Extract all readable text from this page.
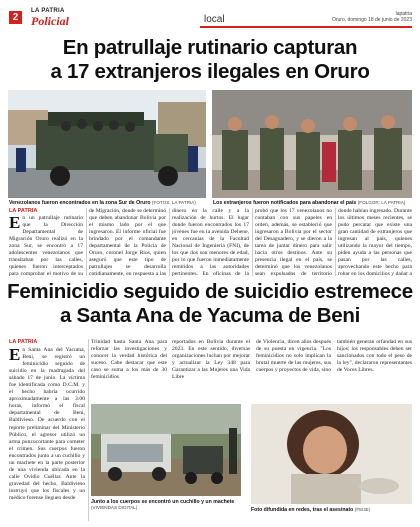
2
LA PATRIA
Policial	local	lapatria
Oruro, domingo 18 de junio de 2023
En patrullaje rutinario capturan
a 17 extranjeros ilegales en Oruro
Venezolanos fueron encontrados en la zona Sur de Oruro (FOTOS: LA PATRIA)	Los extranjeros fueron notificados para abandonar el país (FOLGOR: LA PATRIA)
LA PATRIA
En un patrullaje rutinario que la Dirección Departamental de Migración Oruro realizó en la zona Sur, se encontró a 17 adolescentes venezolanos que transitaban por las calles, quienes fueron interceptados para comprobar el motivo de su
de Migración, donde se determinó que deben abandonar Bolivia por el mismo lado por el que ingresaron. El informe oficial fue brindado por el comandante departamental de la Policía de Oruro, coronel Jorge Ríos, quien aseguró que este tipo de patrullajes se desarrolla cotidianamente, en respuesta a las
dinero en la calle y a la realización de hurtos. El lugar donde fueron encontrados los 17 jóvenes fue en la avenida Dehene, en cercanías de la Facultad Nacional de Ingeniería (FNI), de los que dos son menores de edad, por lo que fueron inmediatamente remitidos a las autoridades pertinentes. En oficinas de la
probó que los 17 venezolanos no contaban con sus papeles en orden, además, se estableció que ingresaron a Bolivia por el sector del Desaguadero, y se dieron a la tarea de juntar dinero para salir hacia otros destinos. Ante su presencia ilegal en el país, se determinó que los venezolanos sean expulsados de territorio
donde habían ingresado. Durante los últimos meses recientes, se pudo percatar que existe una gran cantidad de extranjeros que ingresan al país, quienes utilizando la mayor del tiempo, piden ayuda a las personas que pasan por las calles, aprovechando este hecho para robar en los domicilios y dañar a
Feminicidio seguido de suicidio estremece
a Santa Ana de Yacuma de Beni
LA PATRIA
En Santa Ana del Yacuma, Beni, se registró un feminicidio seguido de suicidio en la madrugada del sábado 17 de junio. La víctima fue identificada como D.C.M. y el hecho habría ocurrido aproximadamente a las 3:00 horas, informó el fiscal departamental de Beni, Baldivieso. De acuerdo con el reporte preliminar del Ministerio Público, el agresor utilizó un arma punzocortante para cometer el crimen. Sus cuerpos fueron encontrados junto a un cuchillo y un machete en la parte posterior de una vivienda ubicada en la calle Ovidio Cuéllar. Ante la gravedad del hecho, Baldivieso instruyó que los fiscales y un médico forense lleguen desde
Trinidad hasta Santa Ana para reforzar las investigaciones y conocer la verdad histórica del suceso. Cabe destacar que este caso se suma a los más de 30 feminicidios
reportados en Bolivia durante el 2023. En este sentido, diversas organizaciones luchan por mejorar y actualizar la Ley 348 para Garantizar a las Mujeres una Vida Libre
de Violencia, dicen años después de su puesta en vigencia. "Los feminicidios no solo implican la brutal muerte de las mujeres, sus cuerpos y proyectos de vida, sino también generan orfandad en sus hijos; los responsables deben ser sancionados con todo el peso de la ley", declararon representantes de Voces Libres.
Junto a los cuerpos se encontró un cuchillo y un machete
(VIVIENDAS DIGITAL)	Foto difundida en redes, tras el asesinato (FM.BI)
